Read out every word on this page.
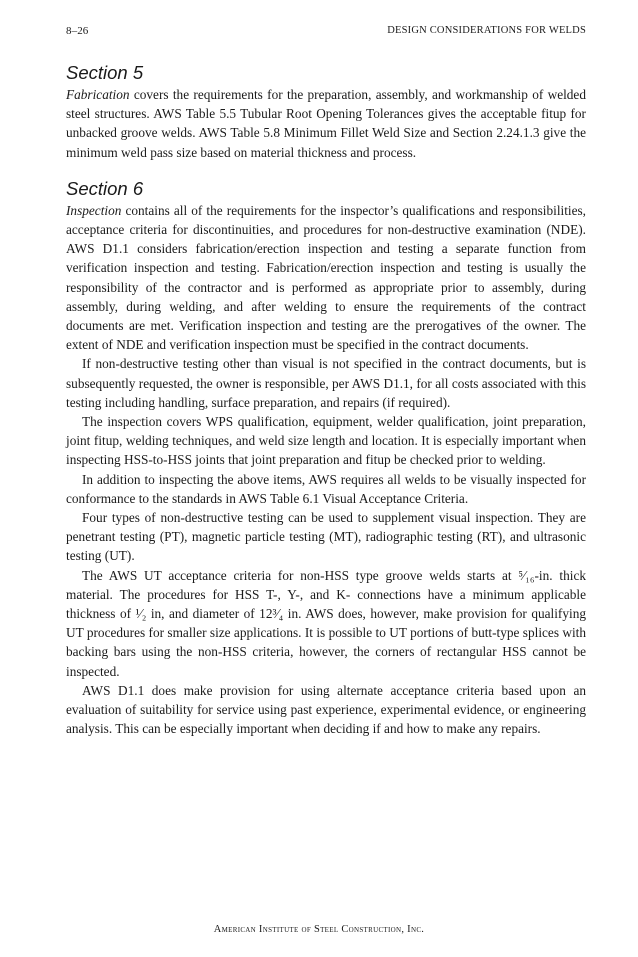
8–26	DESIGN CONSIDERATIONS FOR WELDS
Section 5

Fabrication covers the requirements for the preparation, assembly, and workmanship of welded steel structures. AWS Table 5.5 Tubular Root Opening Tolerances gives the acceptable fitup for unbacked groove welds. AWS Table 5.8 Minimum Fillet Weld Size and Section 2.24.1.3 give the minimum weld pass size based on material thickness and process.

Section 6

Inspection contains all of the requirements for the inspector’s qualifications and responsibilities, acceptance criteria for discontinuities, and procedures for non-destructive examination (NDE). AWS D1.1 considers fabrication/erection inspection and testing a separate function from verification inspection and testing. Fabrication/erection inspection and testing is usually the responsibility of the contractor and is performed as appropriate prior to assembly, during assembly, during welding, and after welding to ensure the requirements of the contract documents are met. Verification inspection and testing are the prerogatives of the owner. The extent of NDE and verification inspection must be specified in the contract documents.

If non-destructive testing other than visual is not specified in the contract documents, but is subsequently requested, the owner is responsible, per AWS D1.1, for all costs associated with this testing including handling, surface preparation, and repairs (if required).

The inspection covers WPS qualification, equipment, welder qualification, joint preparation, joint fitup, welding techniques, and weld size length and location. It is especially important when inspecting HSS-to-HSS joints that joint preparation and fitup be checked prior to welding.

In addition to inspecting the above items, AWS requires all welds to be visually inspected for conformance to the standards in AWS Table 6.1 Visual Acceptance Criteria.

Four types of non-destructive testing can be used to supplement visual inspection. They are penetrant testing (PT), magnetic particle testing (MT), radiographic testing (RT), and ultrasonic testing (UT).

The AWS UT acceptance criteria for non-HSS type groove welds starts at ⁵⁄₁₆-in. thick material. The procedures for HSS T-, Y-, and K- connections have a minimum applicable thickness of ¹⁄₂ in, and diameter of 12³⁄₄ in. AWS does, however, make provision for qualifying UT procedures for smaller size applications. It is possible to UT portions of butt-type splices with backing bars using the non-HSS criteria, however, the corners of rectangular HSS cannot be inspected.

AWS D1.1 does make provision for using alternate acceptance criteria based upon an evaluation of suitability for service using past experience, experimental evidence, or engineering analysis. This can be especially important when deciding if and how to make any repairs.

American Institute of Steel Construction, Inc.
